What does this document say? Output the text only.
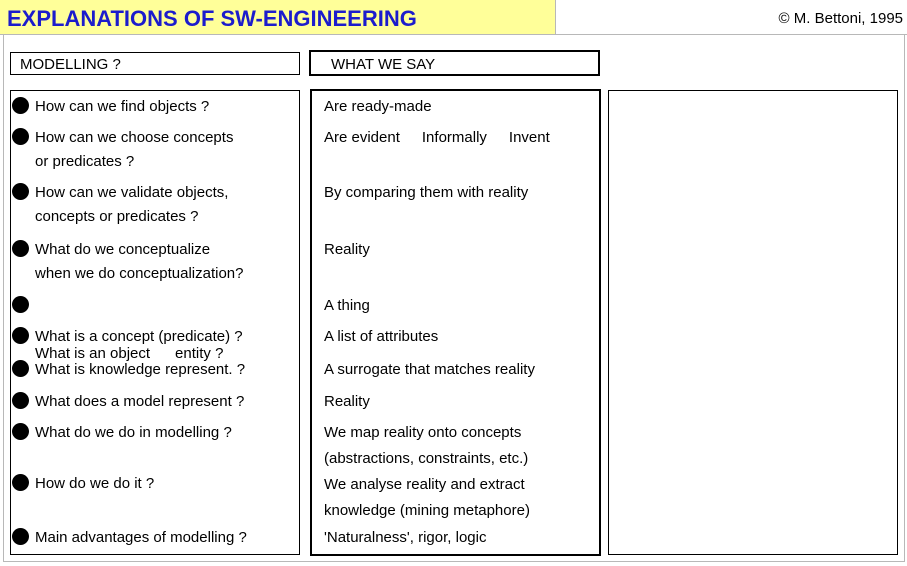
EXPLANATIONS OF SW-ENGINEERING	© M. Bettoni, 1995
MODELLING ?	WHAT WE SAY
How can we find objects ?
How can we choose concepts
or predicates ?
How can we validate objects,
concepts or predicates ?
What do we conceptualize
when we do conceptualization?

What is an object      entity ?

What is a concept (predicate) ?
What is knowledge represent. ?
What does a model represent ?
What do we do in modelling ?
How do we do it ?
Main advantages of modelling ?
Are ready-made
Are evident Informally Invent
By comparing them with reality
Reality
A thing
A list of attributes
A surrogate that matches reality
Reality
We map reality onto concepts
(abstractions, constraints, etc.)
We analyse reality and extract
knowledge (mining metaphore)
'Naturalness', rigor, logic
